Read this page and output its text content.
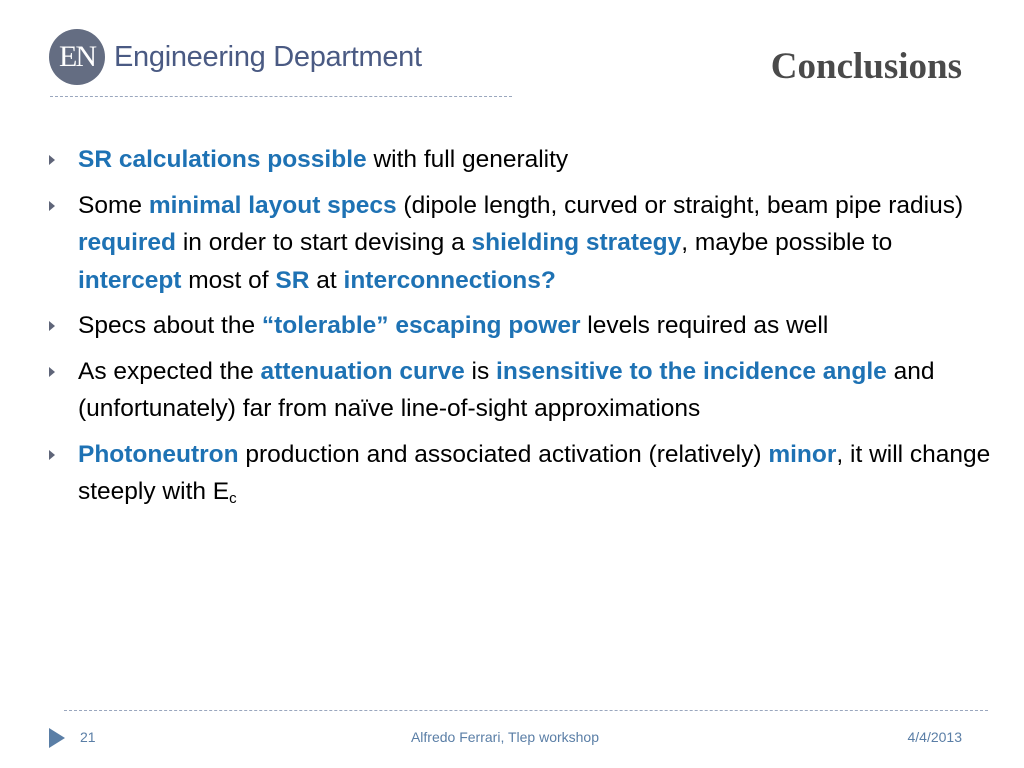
EN Engineering Department	Conclusions
SR calculations possible with full generality
Some minimal layout specs (dipole length, curved or straight, beam pipe radius) required in order to start devising a shielding strategy, maybe possible to intercept most of SR at interconnections?
Specs about the “tolerable” escaping power levels required as well
As expected the attenuation curve is insensitive to the incidence angle and (unfortunately) far from naïve line-of-sight approximations
Photoneutron production and associated activation (relatively) minor, it will change steeply with $E_c$
21	Alfredo Ferrari, Tlep workshop	4/4/2013
